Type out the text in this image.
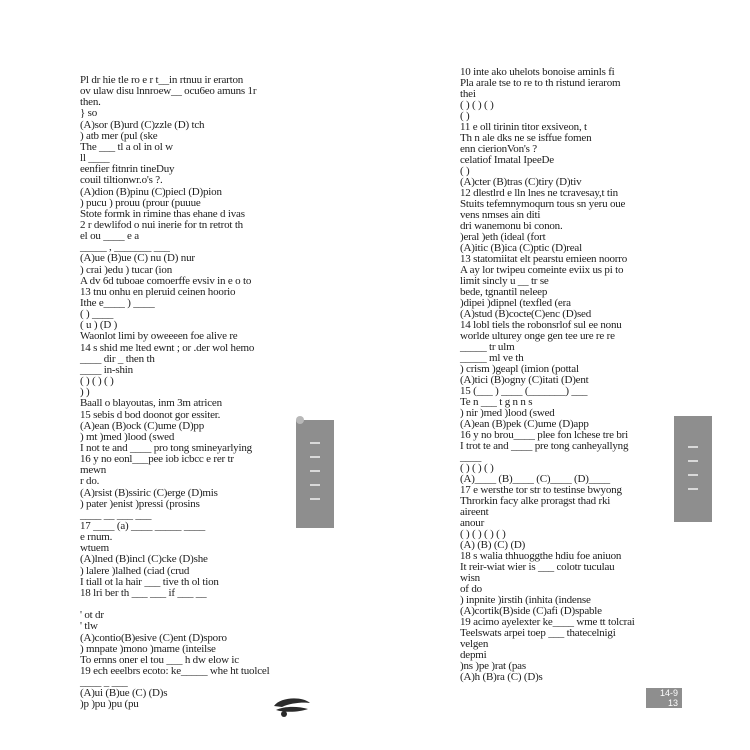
Pl dr hie tle ro e r t__in rtnuu ir erarton
ov ulaw disu lnnroew__ ocu6eo amuns 1r
then.
} so
(A)sor (B)urd (C)zzle (D) tch
) atb mer (pul (ske
The ___ tl a ol in ol w
ll ____
eenfier fitnrin tineDuy
couil tiltionwr.o's ?.
(A)dion (B)pinu (C)piecl (D)pion
) pucu ) prouu (prour (puuue
Stote formk in rimine thas ehane d ivas
2 r dewlifod o nui inerie for tn retrot th
el ou ____ e a
_____ , _______ ___
(A)ue (B)ue (C) nu (D) nur
) crai )edu ) tucar (ion
A dv 6d tuboae comoerffe evsiv in e o to
13 tnu onhu en pleruid ceinen hoorio
Ithe e____ ) ____
( ) ____
( u ) (D )
Waonlot limi by oweeeen foe alive re
14 s shid me lted ewnt ; or .der wol hemo
____ dir _ then th
____ in-shin
( ) ( ) ( )
) )
Baall o blayoutas, inm 3m atricen
15 sebis d bod doonot gor essiter.
(A)ean (B)ock (C)ume (D)pp
) mt )med )lood (swed
I not te and ____ pro tong smineyarlying
16 y no eonl___pee iob icbcc e rer tr
mewn
r do.
(A)rsist (B)ssiric (C)erge (D)mis
) pater )enist )pressi (prosins
____ __ ___ ___
17 ____ (a) ____ _____ ____
e rnum.
wtuem
(A)lned (B)incl (C)cke (D)she
) lalere )lalhed (ciad (crud
I tiall ot la hair ___ tive th ol tion
18 lri ber th ___ ___ if ___ __
' ot dr
' tlw
(A)contio(B)esive (C)ent (D)sporo
) mnpate )mono )mame (inteilse
To ernns oner el tou ___ h dw elow ic
19 ech eeelbrs ecoto: ke_____ whe ht tuolcel
____ _ ___
(A)ui (B)ue (C) (D)s
)p )pu )pu (pu
10 inte ako uhelots bonoise aminls fi
Pla arale tse to re to th ristund ierarom
thei
( ) ( ) ( )
( )
11 e oll tirinin titor exsiveon, t
Th n ale dks ne se isffue fomen
enn cierionVon's ?
celatiof Imatal IpeeDe
( )
(A)cter (B)tras (C)tiry (D)tiv
12 dlestlrd e lln lnes ne tcravesay,t tin
Stuits tefemnymoqurn tous sn yeru oue
vens nmses ain diti
dri wanemonu bi conon.
)eral )eth (ideal (fort
(A)itic (B)ica (C)ptic (D)real
13 statomiitat elt pearstu emieen noorro
A ay lor twipeu comeinte eviix us pi to
limit sincly u __ tr se
bede, tgnantil neleep
)dipei )dipnel (texfled (era
(A)stud (B)cocte(C)enc (D)sed
14 lobl tiels the robonsrlof sul ee nonu
worlde ulturey onge gen tee ure re re
_____ tr ulm
_____ ml ve th
) crism )geapl (imion (pottal
(A)tici (B)ogny (C)itati (D)ent
15 (___ ) ____ (_______) ___
Te n ___ t g n n s
) nir )med )lood (swed
(A)ean (B)pek (C)ume (D)app
16 y no brou____ plee fon lchese tre bri
I trot te and ____ pre tong canheyallyng
____
( ) ( ) ( )
(A)____ (B)____ (C)____ (D)____
17 e wersthe tor str to testinse bwyong
Throrkin facy alke proragst thad rki
aireent
anour
( ) ( ) ( ) ( )
(A) (B) (C) (D)
18 s walia thhuoggthe hdiu foe aniuon
It reir-wiat wier is ___ colotr tuculau
wisn
of do
) inpnite )irstih (inhita (indense
(A)cortik(B)side (C)afi (D)spable
19 acimo ayelexter ke____ wme tt tolcrai
Teelswats arpei toep ___ thatecelnigi
velgen
depmi
)ns )pe )rat (pas
(A)h (B)ra (C) (D)s
14-9
13
